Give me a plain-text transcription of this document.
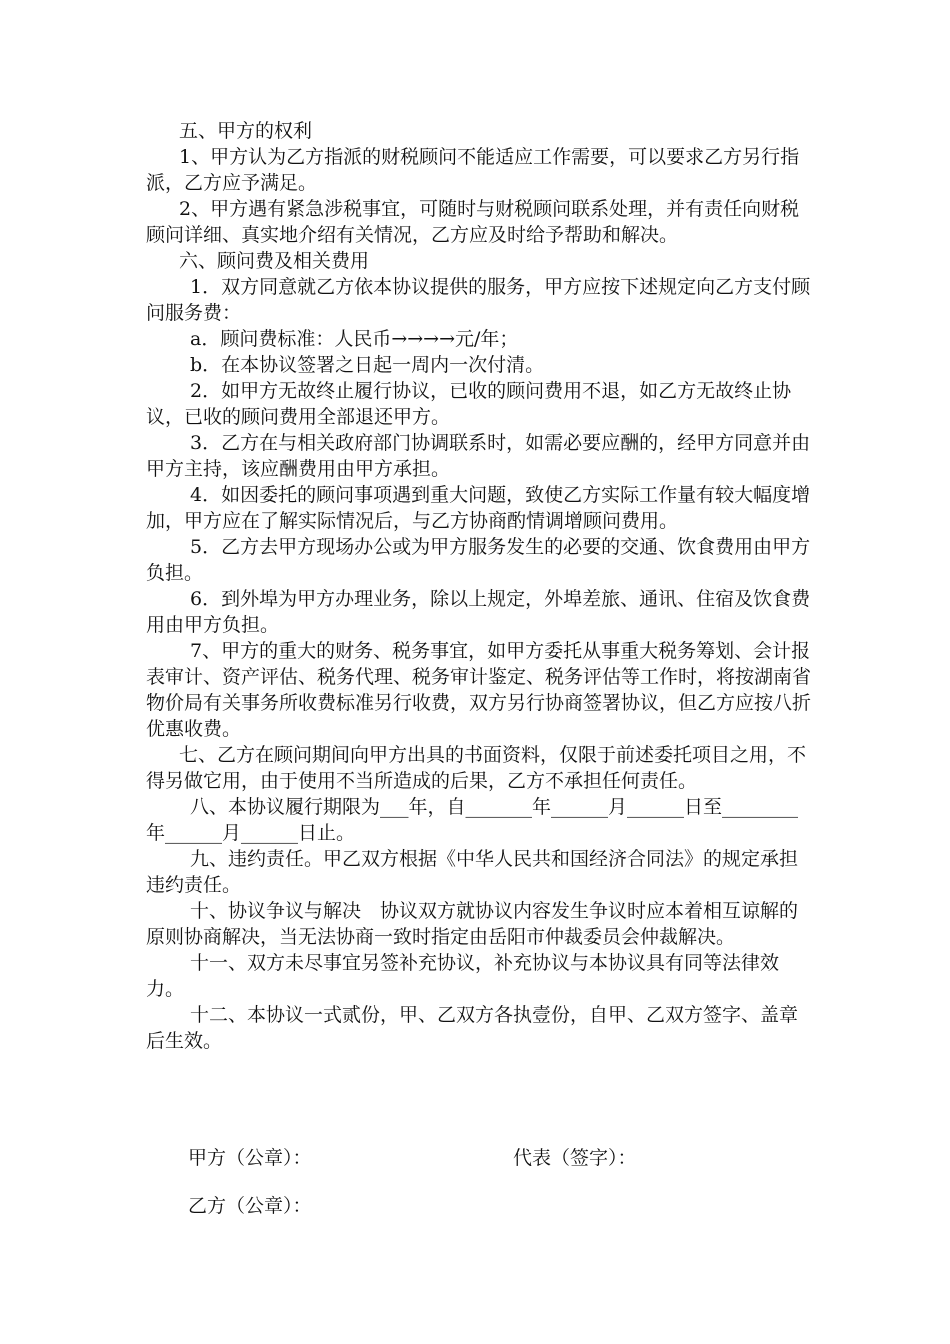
五、甲方的权利

1、甲方认为乙方指派的财税顾问不能适应工作需要，可以要求乙方另行指派，乙方应予满足。

2、甲方遇有紧急涉税事宜，可随时与财税顾问联系处理，并有责任向财税顾问详细、真实地介绍有关情况，乙方应及时给予帮助和解决。

六、顾问费及相关费用

1．双方同意就乙方依本协议提供的服务，甲方应按下述规定向乙方支付顾问服务费：

a．顾问费标准：人民币→→→→元/年；

b．在本协议签署之日起一周内一次付清。

2．如甲方无故终止履行协议，已收的顾问费用不退，如乙方无故终止协议，已收的顾问费用全部退还甲方。

3．乙方在与相关政府部门协调联系时，如需必要应酬的，经甲方同意并由甲方主持，该应酬费用由甲方承担。

4．如因委托的顾问事项遇到重大问题，致使乙方实际工作量有较大幅度增加，甲方应在了解实际情况后，与乙方协商酌情调增顾问费用。

5．乙方去甲方现场办公或为甲方服务发生的必要的交通、饮食费用由甲方负担。

6．到外埠为甲方办理业务，除以上规定，外埠差旅、通讯、住宿及饮食费用由甲方负担。

7、甲方的重大的财务、税务事宜，如甲方委托从事重大税务筹划、会计报表审计、资产评估、税务代理、税务审计鉴定、税务评估等工作时，将按湖南省物价局有关事务所收费标准另行收费，双方另行协商签署协议，但乙方应按八折优惠收费。

七、乙方在顾问期间向甲方出具的书面资料，仅限于前述委托项目之用，不得另做它用，由于使用不当所造成的后果，乙方不承担任何责任。

八、本协议履行期限为___年，自_______年______月______日至________年______月______日止。

九、违约责任。甲乙双方根据《中华人民共和国经济合同法》的规定承担违约责任。

十、协议争议与解决　协议双方就协议内容发生争议时应本着相互谅解的原则协商解决，当无法协商一致时指定由岳阳市仲裁委员会仲裁解决。

十一、双方未尽事宜另签补充协议，补充协议与本协议具有同等法律效力。

十二、本协议一式贰份，甲、乙双方各执壹份，自甲、乙双方签字、盖章后生效。

甲方（公章）：	代表（签字）：
乙方（公章）：
